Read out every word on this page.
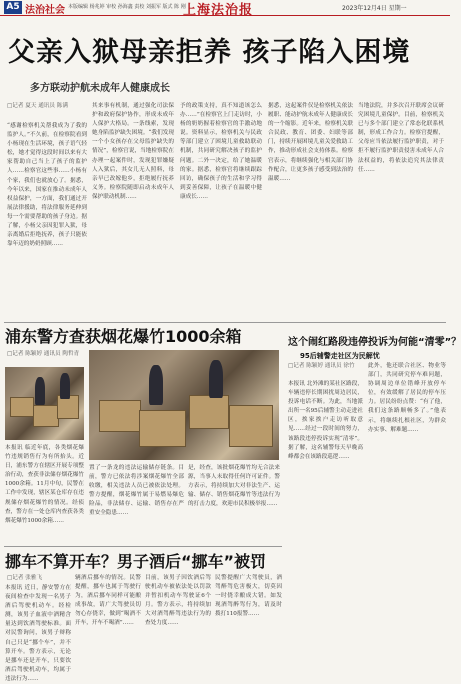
A5 法治社会 本版编辑 杨兆婷 审校 孙海鑫 责校 刘振军 版式 陈 刚
上海法治报	2023年12月4日 星期一
父亲入狱母亲拒养 孩子陷入困境
多方联动护航未成年人健康成长
□记者 夏天 通讯员 陈满
“感谢检察机关帮我成为了我的监护人。”不久前，在检察院看到小杨现在生活环境，孩子语气轻松，她才觉得这段时间以来有大家帮助自己当上了孩子的监护人……检察官这些事……小杨有个家，我们也就放心了。据悉，今年以来，国家在推动未成年人权益保护，一方面，我们通过开展法律援助，将法律服务延伸到每一个需要帮助的孩子身边。据了解，小杨父亲因犯罪入狱，母亲离婚后拒绝抚养，孩子只能依靠年迈的奶奶照顾……
其来事有机制，通过强化司法保护和政府保护协作，形成未成年人保护大格局。一条线索，发现她身陷监护缺失困境。“我们发现一个小女孩存在父母监护缺失的情况”，检察官说，当地检察院在办理一起案件时，发现犯罪嫌疑人入狱后，其女儿无人照料，母亲早已改嫁他乡，拒绝履行抚养义务。检察院随即启动未成年人保护联动机制……
予的政策支持，真不知道该怎么办……”在检察官上门走访时，小杨的奶奶握着检察官的手激动地说。资料显示，检察机关与民政等部门建立了困境儿童救助联动机制，共同研究解决孩子的监护问题。二外一决定，给了她温暖的家。据悉，检察官将继续跟踪回访，确保孩子的生活和学习得到妥善保障，让孩子在温暖中健康成长……
据悉，这起案件仅是检察机关依法履职、能动护航未成年人健康成长的一个缩影。近年来，检察机关联合民政、教育、团委、妇联等部门，持续开展困境儿童关爱救助工作，推动形成社会支持体系。检察官表示，将继续强化与相关部门协作配合，让更多孩子感受到法治的温暖……
当地法院，并多次召开联席会议研究困境儿童保护。目前，检察机关已与多个部门建立了常态化联系机制，形成工作合力。检察官提醒，父母应当依法履行监护职责，对于拒不履行监护职责侵害未成年人合法权益的，将依法追究其法律责任……
浦东警方查获烟花爆竹1000余箱
□记者 陈颖婷 通讯员 陶哲青
本报讯 临近年底，各类烟花爆竹违规销售行为有所抬头。近日，浦东警方在辖区开展专项整治行动，查获非法储存烟花爆竹1000余箱。11月中旬，民警在工作中发现，辖区某仓库存在违规储存烟花爆竹的情况。经侦查，警方在一处仓库内查获各类烟花爆竹1000余箱……
置了一条龙的违法运输储存链条。目前，警方已依法将涉案烟花爆竹全部收缴，相关违法人员已被依法处理。警方提醒，烟花爆竹属于易燃易爆危险品，非法储存、运输、销售存在严重安全隐患……
是，经查，该批烟花爆竹均无合法来源，当事人未取得任何许可证件。警方表示，将持续加大对非法生产、运输、储存、销售烟花爆竹等违法行为的打击力度，欢迎市民积极举报……
这个闹红路段违停投诉为何能“清零”？
95后辅警走社区为民解忧
□记者 陈颖婷 通讯员 徐竹
本报讯 北外滩的某社区路段，车辆违停长期困扰周边居民，投诉电话不断。为此，当地派出所一名95后辅警主动走进社区，挨家挨户走访听取意见……经过一段时间的努力，该路段违停投诉实现“清零”。据了解，这名辅警每天早晚高峰都会在该路段巡逻……
此外，他还联合社区、物业等部门，共同研究停车难问题，协调周边单位错峰开放停车位，有效缓解了居民的停车压力。居民纷纷点赞：“有了他，我们这条路顺畅多了。”他表示，将继续扎根社区，为群众办实事、解难题……
挪车不算开车？男子酒后“挪车”被罚
□记者 张雅飞
本报讯 近日，静安警方在夜间检查中发现一名男子酒后驾驶机动车。经检测，该男子血液中酒精含量达到饮酒驾驶标准。面对民警询问，该男子辩称自己只是“挪个车”，并不算开车。警方表示，无论是挪车还是开车，只要饮酒后驾驶机动车，均属于违法行为……
辆酒后挪车的情况。民警提醒，挪车也属于驾驶行为，酒后挪车同样可能酿成事故，请广大驾驶员切勿心存侥幸，做到“喝酒不开车，开车不喝酒”……
目前，该男子因饮酒后驾驶机动车被依法处以罚款并暂扣机动车驾驶证6个月。警方表示，将持续加大对酒驾醉驾违法行为的查处力度……
民警提醒广大驾驶员，酒驾醉驾危害极大，切莫因一时侥幸酿成大错。如发现酒驾醉驾行为，请及时拨打110报警……
